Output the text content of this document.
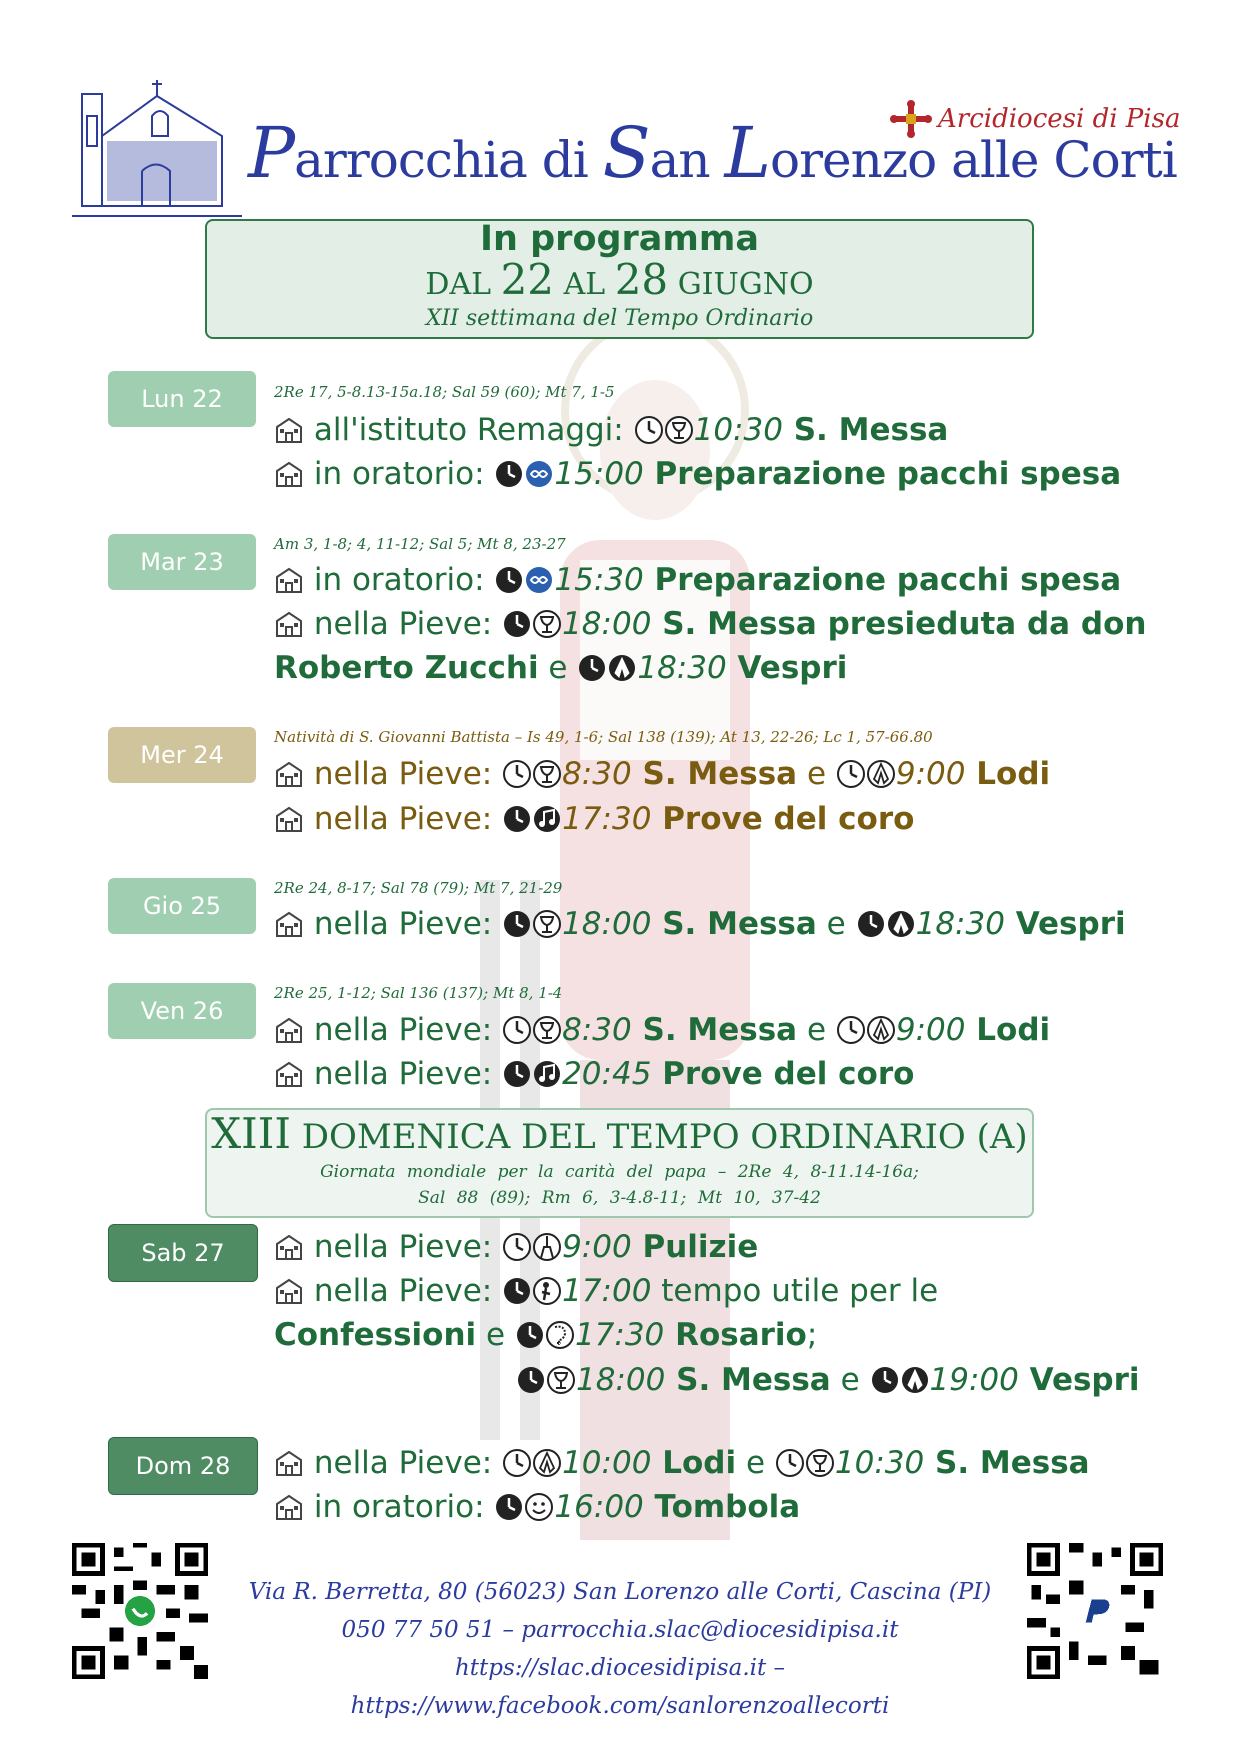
Arcidiocesi di Pisa
Parrocchia di San Lorenzo alle Corti
In programma
DAL 22 AL 28 GIUGNO
XII settimana del Tempo Ordinario
Lun 22	2Re 17, 5-8.13-15a.18; Sal 59 (60); Mt 7, 1-5
all'istituto Remaggi: 10:30 S. Messa
in oratorio: 15:00 Preparazione pacchi spesa
Mar 23
Am 3, 1-8; 4, 11-12; Sal 5; Mt 8, 23-27
in oratorio: 15:30 Preparazione pacchi spesa
nella Pieve: 18:00 S. Messa presieduta da don
Roberto Zucchi e 18:30 Vespri
Mer 24
Natività di S. Giovanni Battista – Is 49, 1-6; Sal 138 (139); At 13, 22-26; Lc 1, 57-66.80
nella Pieve: 8:30 S. Messa e 9:00 Lodi
nella Pieve: 17:30 Prove del coro
Gio 25
2Re 24, 8-17; Sal 78 (79); Mt 7, 21-29
nella Pieve: 18:00 S. Messa e 18:30 Vespri
Ven 26
2Re 25, 1-12; Sal 136 (137); Mt 8, 1-4
nella Pieve: 8:30 S. Messa e 9:00 Lodi
nella Pieve: 20:45 Prove del coro
XIII DOMENICA DEL TEMPO ORDINARIO (A)
Giornata mondiale per la carità del papa – 2Re 4, 8-11.14-16a;
Sal 88 (89); Rm 6, 3-4.8-11; Mt 10, 37-42
Sab 27	nella Pieve: 9:00 Pulizie
nella Pieve: 17:00 tempo utile per le
Confessioni e 17:30 Rosario;
18:00 S. Messa e 19:00 Vespri
Dom 28	nella Pieve: 10:00 Lodi e 10:30 S. Messa
in oratorio: 16:00 Tombola
Via R. Berretta, 80 (56023) San Lorenzo alle Corti, Cascina (PI)
050 77 50 51 – parrocchia.slac@diocesidipisa.it
https://slac.diocesidipisa.it – https://www.facebook.com/sanlorenzoallecorti
